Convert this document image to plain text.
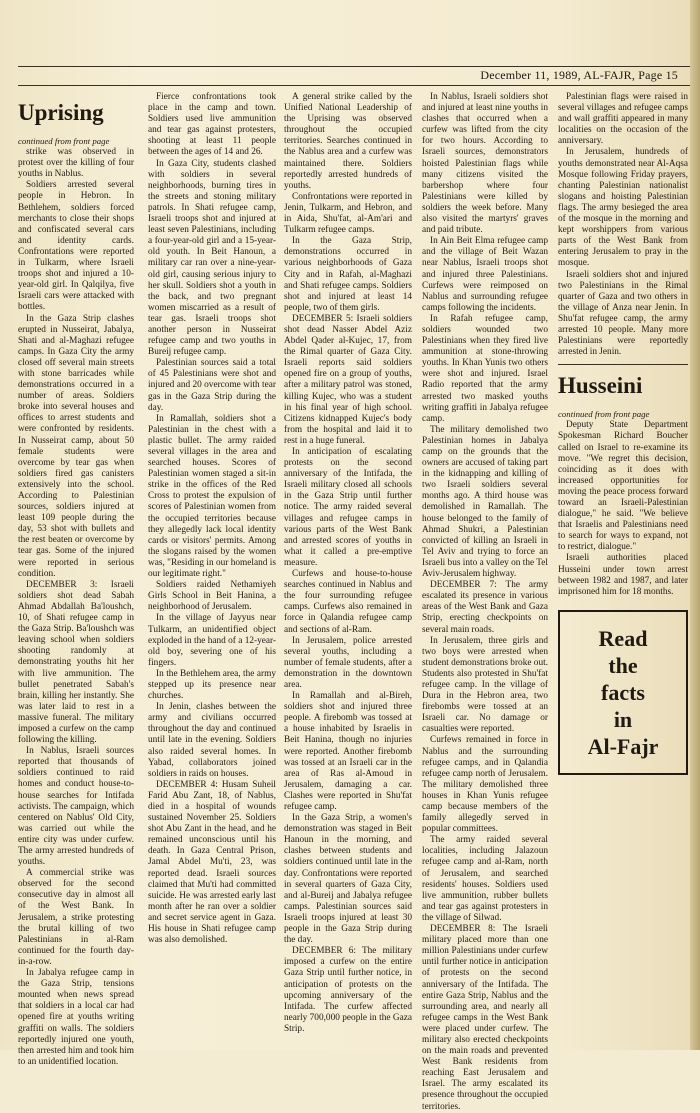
December 11, 1989, AL-FAJR, Page 15
Uprising

continued from front page

strike was observed in protest over the killing of four youths in Nablus.

Soldiers arrested several people in Hebron. In Bethlehem, soldiers forced merchants to close their shops and confiscated several cars and identity cards. Confrontations were reported in Tulkarm, where Israeli troops shot and injured a 10-year-old girl. In Qalqilya, five Israeli cars were attacked with bottles.

In the Gaza Strip clashes erupted in Nusseirat, Jabalya, Shati and al-Maghazi refugee camps. In Gaza City the army closed off several main streets with stone barricades while demonstrations occurred in a number of areas. Soldiers broke into several houses and offices to arrest students and were confronted by residents. In Nusseirat camp, about 50 female students were overcome by tear gas when soldiers fired gas canisters extensively into the school. According to Palestinian sources, soldiers injured at least 109 people during the day, 53 shot with bullets and the rest beaten or overcome by tear gas. Some of the injured were reported in serious condition.

DECEMBER 3: Israeli soldiers shot dead Sabah Ahmad Abdallah Ba'loushch, 10, of Shati refugee camp in the Gaza Strip. Ba'loushch was leaving school when soldiers shooting randomly at demonstrating youths hit her with live ammunition. The bullet penetrated Sabah's brain, killing her instantly. She was later laid to rest in a massive funeral. The military imposed a curfew on the camp following the killing.

In Nablus, Israeli sources reported that thousands of soldiers continued to raid homes and conduct house-to-house searches for Intifada activists. The campaign, which centered on Nablus' Old City, was carried out while the entire city was under curfew. The army arrested hundreds of youths.

A commercial strike was observed for the second consecutive day in almost all of the West Bank. In Jerusalem, a strike protesting the brutal killing of two Palestinians in al-Ram continued for the fourth day-in-a-row.

In Jabalya refugee camp in the Gaza Strip, tensions mounted when news spread that soldiers in a local car had opened fire at youths writing graffiti on walls. The soldiers reportedly injured one youth, then arrested him and took him to an unidentified location.

Fierce confrontations took place in the camp and town. Soldiers used live ammunition and tear gas against protesters, shooting at least 11 people between the ages of 14 and 26.

In Gaza City, students clashed with soldiers in several neighborhoods, burning tires in the streets and stoning military patrols. In Shati refugee camp, Israeli troops shot and injured at least seven Palestinians, including a four-year-old girl and a 15-year-old youth. In Beit Hanoun, a military car ran over a nine-year-old girl, causing serious injury to her skull. Soldiers shot a youth in the back, and two pregnant women miscarried as a result of tear gas. Israeli troops shot another person in Nusseirat refugee camp and two youths in Bureij refugee camp.

Palestinian sources said a total of 45 Palestinians were shot and injured and 20 overcome with tear gas in the Gaza Strip during the day.

In Ramallah, soldiers shot a Palestinian in the chest with a plastic bullet. The army raided several villages in the area and searched houses. Scores of Palestinian women staged a sit-in strike in the offices of the Red Cross to protest the expulsion of scores of Palestinian women from the occupied territories because they allegedly lack local identity cards or visitors' permits. Among the slogans raised by the women was, "Residing in our homeland is our legitimate right."

Soldiers raided Nethamiyeh Girls School in Beit Hanina, a neighborhood of Jerusalem.

In the village of Jayyus near Tulkarm, an unidentified object exploded in the hand of a 12-year-old boy, severing one of his fingers.

In the Bethlehem area, the army stepped up its presence near churches.

In Jenin, clashes between the army and civilians occurred throughout the day and continued until late in the evening. Soldiers also raided several homes. In Yabad, collaborators joined soldiers in raids on houses.

DECEMBER 4: Husam Suheil Farid Abu Zant, 18, of Nablus, died in a hospital of wounds sustained November 25. Soldiers shot Abu Zant in the head, and he remained unconscious until his death. In Gaza Central Prison, Jamal Abdel Mu'ti, 23, was reported dead. Israeli sources claimed that Mu'ti had committed suicide. He was arrested early last month after he ran over a soldier and secret service agent in Gaza. His house in Shati refugee camp was also demolished.

A general strike called by the Unified National Leadership of the Uprising was observed throughout the occupied territories. Searches continued in the Nablus area and a curfew was maintained there. Soldiers reportedly arrested hundreds of youths.

Confrontations were reported in Jenin, Tulkarm, and Hebron, and in Aida, Shu'fat, al-Am'ari and Tulkarm refugee camps.

In the Gaza Strip, demonstrations occurred in various neighborhoods of Gaza City and in Rafah, al-Maghazi and Shati refugee camps. Soldiers shot and injured at least 14 people, two of them girls.

DECEMBER 5: Israeli soldiers shot dead Nasser Abdel Aziz Abdel Qader al-Kujec, 17, from the Rimal quarter of Gaza City. Israeli reports said soldiers opened fire on a group of youths, after a military patrol was stoned, killing Kujec, who was a student in his final year of high school. Citizens kidnapped Kujec's body from the hospital and laid it to rest in a huge funeral.

In anticipation of escalating protests on the second anniversary of the Intifada, the Israeli military closed all schools in the Gaza Strip until further notice. The army raided several villages and refugee camps in various parts of the West Bank and arrested scores of youths in what it called a pre-emptive measure.

Curfews and house-to-house searches continued in Nablus and the four surrounding refugee camps. Curfews also remained in force in Qalandia refugee camp and sections of al-Ram.

In Jerusalem, police arrested several youths, including a number of female students, after a demonstration in the downtown area.

In Ramallah and al-Bireh, soldiers shot and injured three people. A firebomb was tossed at a house inhabited by Israelis in Beit Hanina, though no injuries were reported. Another firebomb was tossed at an Israeli car in the area of Ras al-Amoud in Jerusalem, damaging a car. Clashes were reported in Shu'fat refugee camp.

In the Gaza Strip, a women's demonstration was staged in Beit Hanoun in the morning, and clashes between students and soldiers continued until late in the day. Confrontations were reported in several quarters of Gaza City, and al-Bureij and Jabalya refugee camps. Palestinian sources said Israeli troops injured at least 30 people in the Gaza Strip during the day.

DECEMBER 6: The military imposed a curfew on the entire Gaza Strip until further notice, in anticipation of protests on the upcoming anniversary of the Intifada. The curfew affected nearly 700,000 people in the Gaza Strip.

In Nablus, Israeli soldiers shot and injured at least nine youths in clashes that occurred when a curfew was lifted from the city for two hours. According to Israeli sources, demonstrators hoisted Palestinian flags while many citizens visited the barbershop where four Palestinians were killed by soldiers the week before. Many also visited the martyrs' graves and paid tribute.

In Ain Beit Elma refugee camp and the village of Beit Wazan near Nablus, Israeli troops shot and injured three Palestinians. Curfews were reimposed on Nablus and surrounding refugee camps following the incidents.

In Rafah refugee camp, soldiers wounded two Palestinians when they fired live ammunition at stone-throwing youths. In Khan Yunis two others were shot and injured. Israel Radio reported that the army arrested two masked youths writing graffiti in Jabalya refugee camp.

The military demolished two Palestinian homes in Jabalya camp on the grounds that the owners are accused of taking part in the kidnapping and killing of two Israeli soldiers several months ago. A third house was demolished in Ramallah. The house belonged to the family of Ahmad Shukri, a Palestinian convicted of killing an Israeli in Tel Aviv and trying to force an Israeli bus into a valley on the Tel Aviv-Jerusalem highway.

DECEMBER 7: The army escalated its presence in various areas of the West Bank and Gaza Strip, erecting checkpoints on several main roads.

In Jerusalem, three girls and two boys were arrested when student demonstrations broke out. Students also protested in Shu'fat refugee camp. In the village of Dura in the Hebron area, two firebombs were tossed at an Israeli car. No damage or casualties were reported.

Curfews remained in force in Nablus and the surrounding refugee camps, and in Qalandia refugee camp north of Jerusalem. The military demolished three houses in Khan Yunis refugee camp because members of the family allegedly served in popular committees.

The army raided several localities, including Jalazoun refugee camp and al-Ram, north of Jerusalem, and searched residents' houses. Soldiers used live ammunition, rubber bullets and tear gas against protesters in the village of Silwad.

DECEMBER 8: The Israeli military placed more than one million Palestinians under curfew until further notice in anticipation of protests on the second anniversary of the Intifada. The entire Gaza Strip, Nablus and the surrounding area, and nearly all refugee camps in the West Bank were placed under curfew. The military also erected checkpoints on the main roads and prevented West Bank residents from reaching East Jerusalem and Israel. The army escalated its presence throughout the occupied territories.

Palestinian flags were raised in several villages and refugee camps and wall graffiti appeared in many localities on the occasion of the anniversary.

In Jerusalem, hundreds of youths demonstrated near Al-Aqsa Mosque following Friday prayers, chanting Palestinian nationalist slogans and hoisting Palestinian flags. The army besieged the area of the mosque in the morning and kept worshippers from various parts of the West Bank from entering Jerusalem to pray in the mosque.

Israeli soldiers shot and injured two Palestinians in the Rimal quarter of Gaza and two others in the village of Anza near Jenin. In Shu'fat refugee camp, the army arrested 10 people. Many more Palestinians were reportedly arrested in Jenin.

Husseini

continued from front page

Deputy State Department Spokesman Richard Boucher called on Israel to re-examine its move. "We regret this decision, coinciding as it does with increased opportunities for moving the peace process forward toward an Israeli-Palestinian dialogue," he said. "We believe that Israelis and Palestinians need to search for ways to expand, not to restrict, dialogue."

Israeli authorities placed Husseini under town arrest between 1982 and 1987, and later imprisoned him for 18 months.

Read
the
facts
in
Al-Fajr
